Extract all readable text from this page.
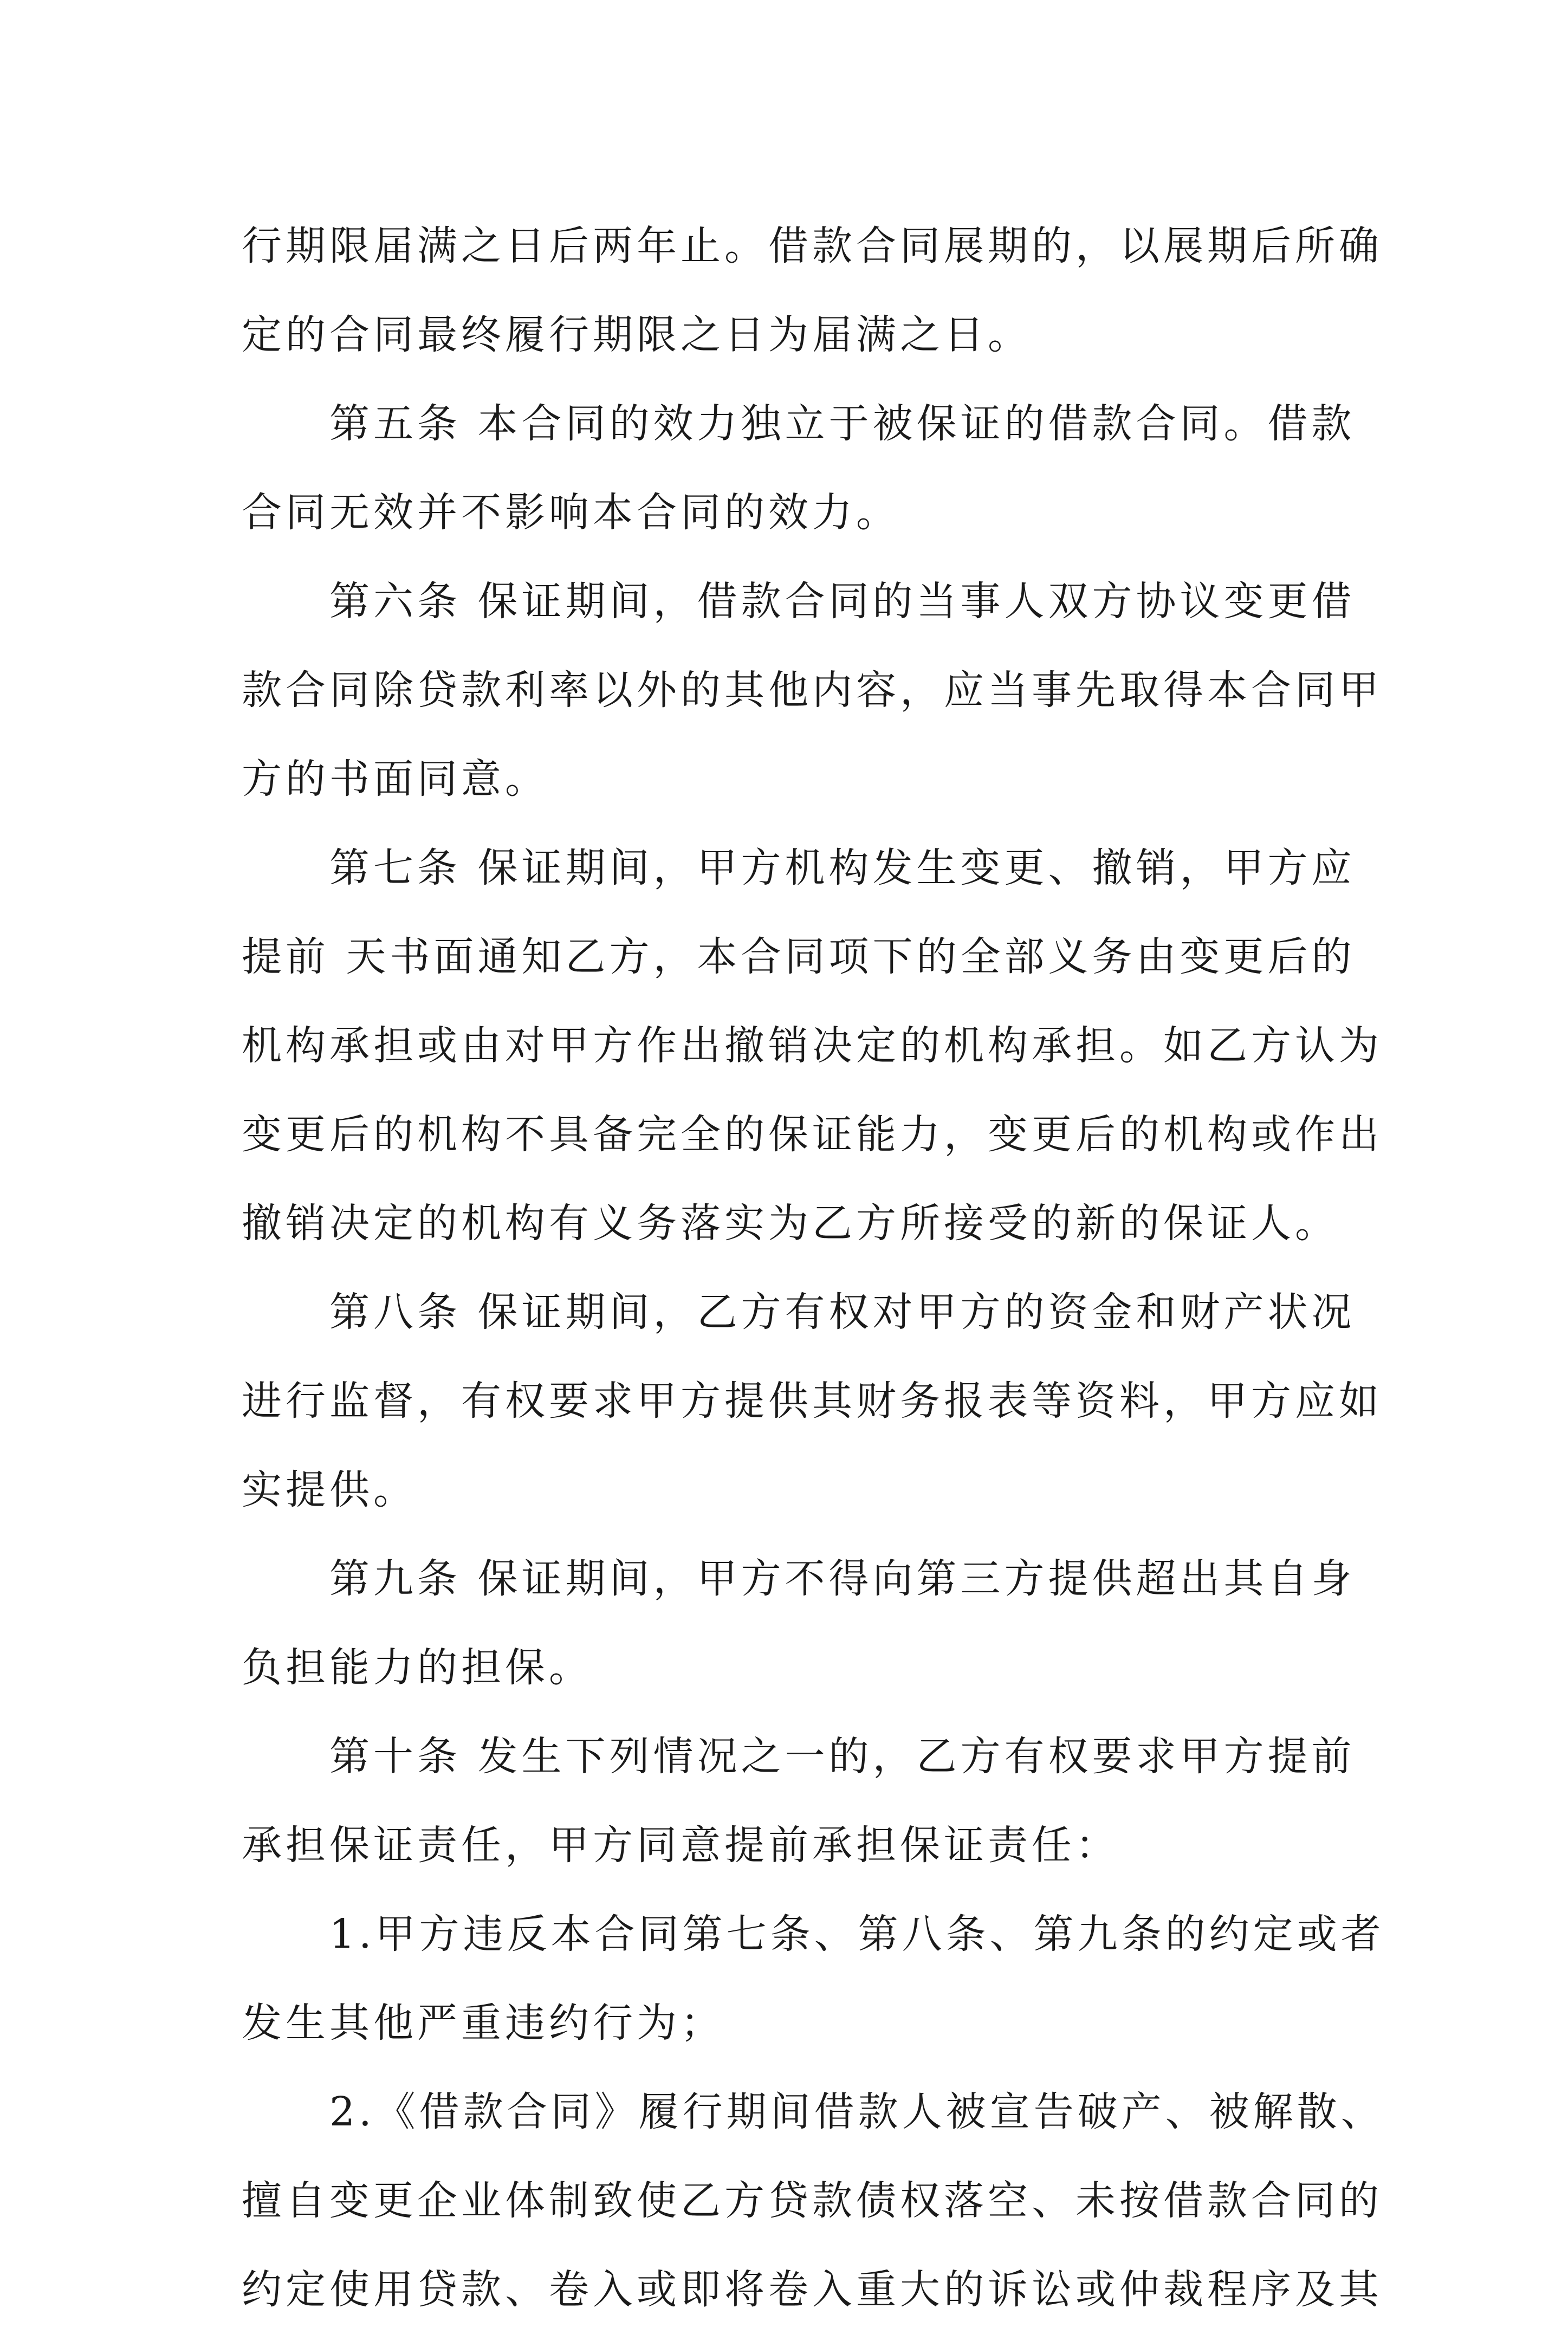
行期限届满之日后两年止。借款合同展期的，以展期后所确
定的合同最终履行期限之日为届满之日。
第五条 本合同的效力独立于被保证的借款合同。借款
合同无效并不影响本合同的效力。
第六条 保证期间，借款合同的当事人双方协议变更借
款合同除贷款利率以外的其他内容，应当事先取得本合同甲
方的书面同意。
第七条 保证期间，甲方机构发生变更、撤销，甲方应
提前 天书面通知乙方，本合同项下的全部义务由变更后的
机构承担或由对甲方作出撤销决定的机构承担。如乙方认为
变更后的机构不具备完全的保证能力，变更后的机构或作出
撤销决定的机构有义务落实为乙方所接受的新的保证人。
第八条 保证期间，乙方有权对甲方的资金和财产状况
进行监督，有权要求甲方提供其财务报表等资料，甲方应如
实提供。
第九条 保证期间，甲方不得向第三方提供超出其自身
负担能力的担保。
第十条 发生下列情况之一的，乙方有权要求甲方提前
承担保证责任，甲方同意提前承担保证责任：
1.甲方违反本合同第七条、第八条、第九条的约定或者
发生其他严重违约行为；
2.《借款合同》履行期间借款人被宣告破产、被解散、
擅自变更企业体制致使乙方贷款债权落空、未按借款合同的
约定使用贷款、卷入或即将卷入重大的诉讼或仲裁程序及其
